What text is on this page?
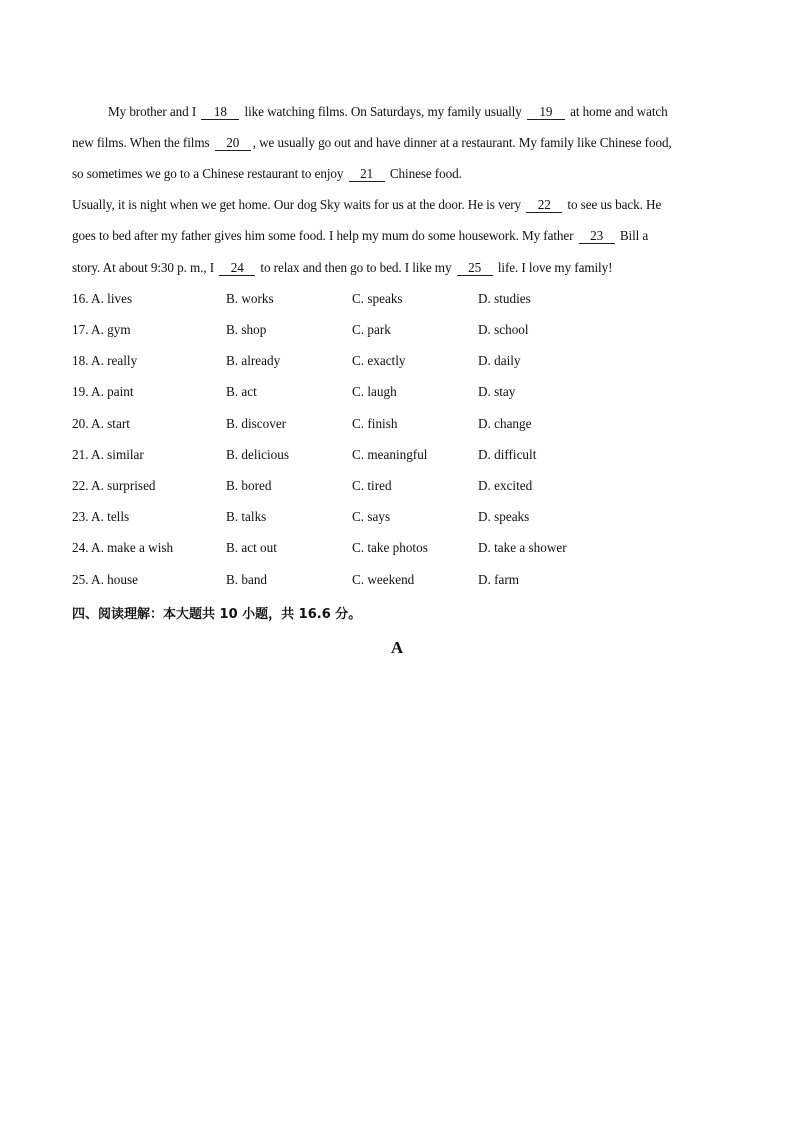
My brother and I 18 like watching films. On Saturdays, my family usually 19 at home and watch
new films. When the films 20 , we usually go out and have dinner at a restaurant. My family like Chinese food,
so sometimes we go to a Chinese restaurant to enjoy 21 Chinese food.
Usually, it is night when we get home. Our dog Sky waits for us at the door. He is very 22 to see us back. He
goes to bed after my father gives him some food. I help my mum do some housework. My father 23 Bill a
story. At about 9:30 p. m., I 24 to relax and then go to bed. I like my 25 life. I love my family!
16. A. lives	B. works	C. speaks	D. studies
17. A. gym	B. shop	C. park	D. school
18. A. really	B. already	C. exactly	D. daily
19. A. paint	B. act	C. laugh	D. stay
20. A. start	B. discover	C. finish	D. change
21. A. similar	B. delicious	C. meaningful	D. difficult
22. A. surprised	B. bored	C. tired	D. excited
23. A. tells	B. talks	C. says	D. speaks
24. A. make a wish	B. act out	C. take photos	D. take a shower
25. A. house	B. band	C. weekend	D. farm
四、阅读理解：本大题共 10 小题，共 16.6 分。
A
